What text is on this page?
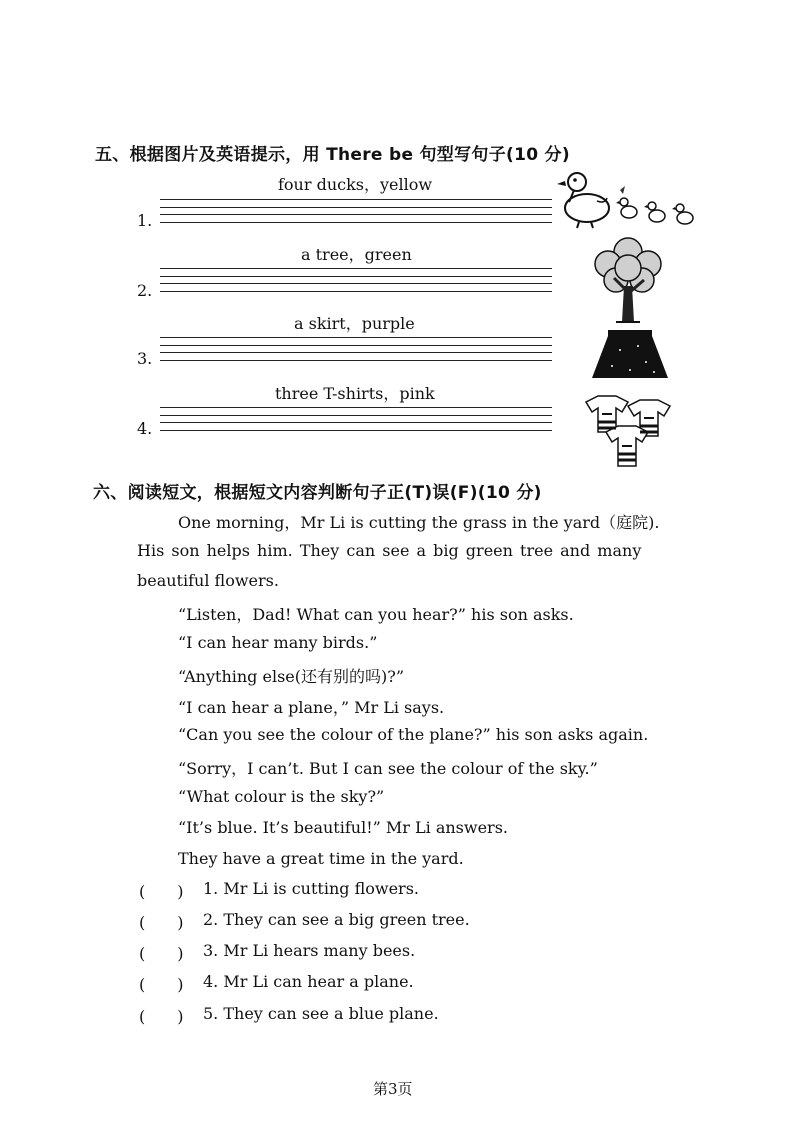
五、根据图片及英语提示，用 There be 句型写句子(10 分)
four ducks，yellow
1.
a tree，green
2.
a skirt，purple
3.
three T-shirts，pink
4.
六、阅读短文，根据短文内容判断句子正(T)误(F)(10 分)
One morning，Mr Li is cutting the grass in the yard（庭院).
His son helps him. They can see a big green tree and many
beautiful flowers.
“Listen，Dad! What can you hear?” his son asks.
“I can hear many birds.”
“Anything else(还有别的吗)?”
“I can hear a plane，” Mr Li says.
“Can you see the colour of the plane?” his son asks again.
“Sorry，I can’t. But I can see the colour of the sky.”
“What colour is the sky?”
“It’s blue. It’s beautiful!” Mr Li answers.
They have a great time in the yard.
(　　) 1. Mr Li is cutting flowers.
(　　) 2. They can see a big green tree.
(　　) 3. Mr Li hears many bees.
(　　) 4. Mr Li can hear a plane.
(　　) 5. They can see a blue plane.
第3页
